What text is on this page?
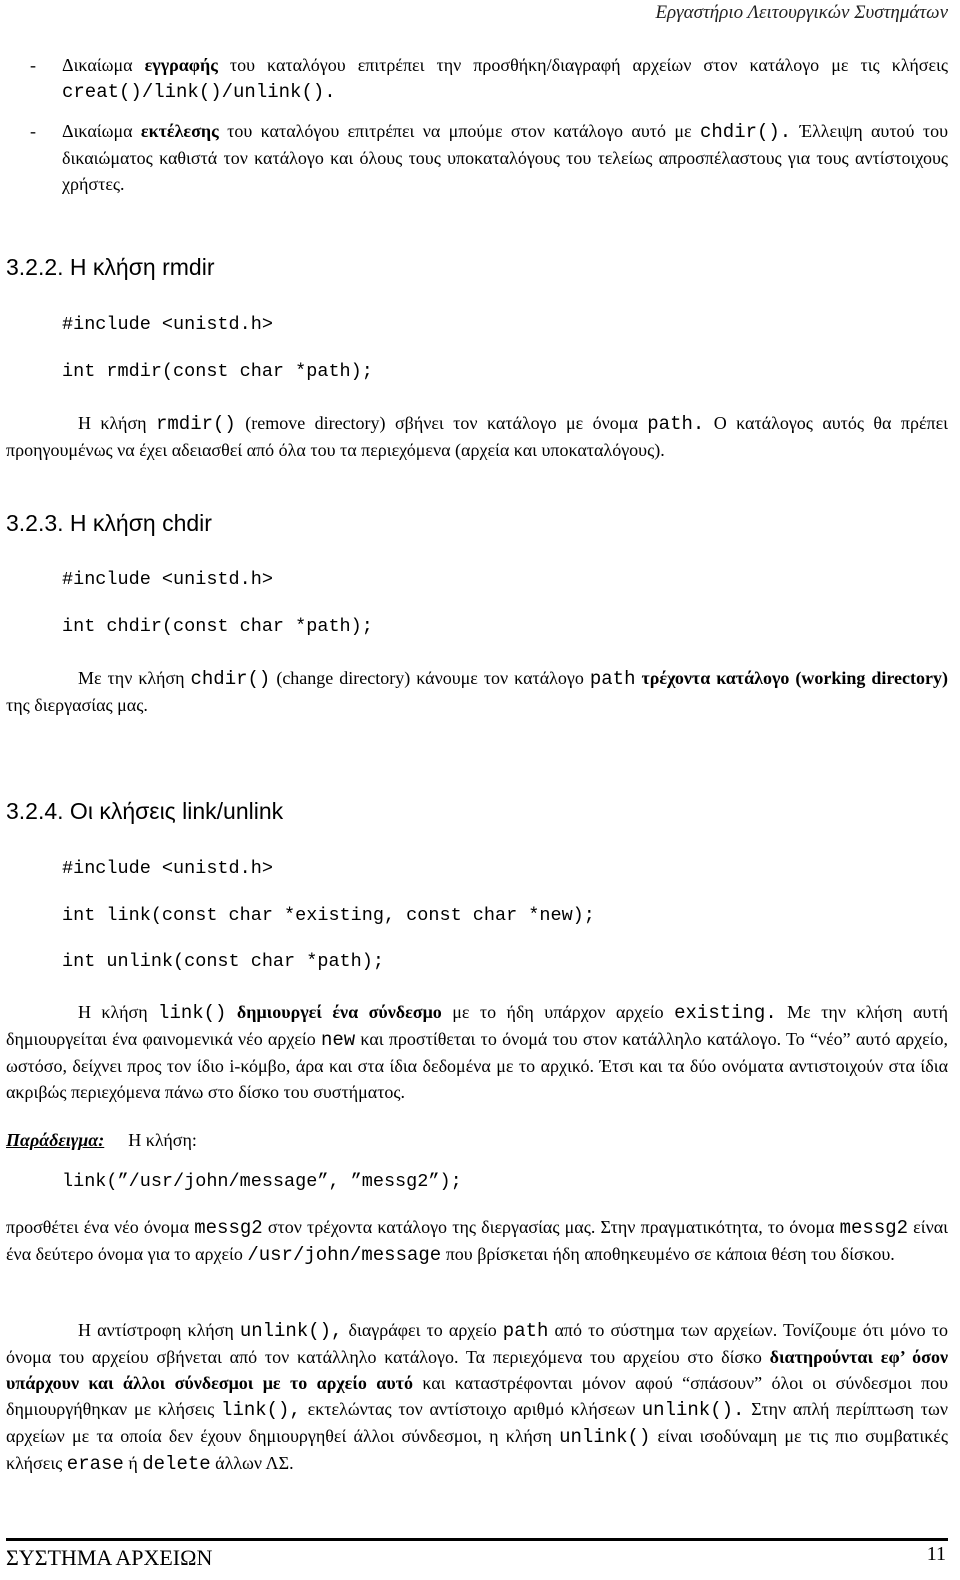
Εργαστήριο Λειτουργικών Συστημάτων
-	Δικαίωμα εγγραφής του καταλόγου επιτρέπει την προσθήκη/διαγραφή αρχείων στον κατάλογο με τις κλήσεις creat()/link()/unlink().
-	Δικαίωμα εκτέλεσης του καταλόγου επιτρέπει να μπούμε στον κατάλογο αυτό με chdir(). Έλλειψη αυτού του δικαιώματος καθιστά τον κατάλογο και όλους τους υποκαταλόγους του τελείως απροσπέλαστους για τους αντίστοιχους χρήστες.
3.2.2. Η κλήση rmdir
#include <unistd.h>
int rmdir(const char *path);
Η κλήση rmdir() (remove directory) σβήνει τον κατάλογο με όνομα path. Ο κατάλογος αυτός θα πρέπει προηγουμένως να έχει αδειασθεί από όλα του τα περιεχόμενα (αρχεία και υποκαταλόγους).
3.2.3. Η κλήση chdir
#include <unistd.h>
int chdir(const char *path);
Με την κλήση chdir() (change directory) κάνουμε τον κατάλογο path τρέχοντα κατάλογο (working directory) της διεργασίας μας.
3.2.4. Οι κλήσεις link/unlink
#include <unistd.h>
int link(const char *existing, const char *new);
int unlink(const char *path);
Η κλήση link() δημιουργεί ένα σύνδεσμο με το ήδη υπάρχον αρχείο existing. Με την κλήση αυτή δημιουργείται ένα φαινομενικά νέο αρχείο new και προστίθεται το όνομά του στον κατάλληλο κατάλογο. Το “νέο” αυτό αρχείο, ωστόσο, δείχνει προς τον ίδιο i-κόμβο, άρα και στα ίδια δεδομένα με το αρχικό. Έτσι και τα δύο ονόματα αντιστοιχούν στα ίδια ακριβώς περιεχόμενα πάνω στο δίσκο του συστήματος.
Παράδειγμα: Η κλήση:
link(”/usr/john/message”, ”messg2”);
προσθέτει ένα νέο όνομα messg2 στον τρέχοντα κατάλογο της διεργασίας μας. Στην πραγματικότητα, το όνομα messg2 είναι ένα δεύτερο όνομα για το αρχείο /usr/john/message που βρίσκεται ήδη αποθηκευμένο σε κάποια θέση του δίσκου.
Η αντίστροφη κλήση unlink(), διαγράφει το αρχείο path από το σύστημα των αρχείων. Τονίζουμε ότι μόνο το όνομα του αρχείου σβήνεται από τον κατάλληλο κατάλογο. Τα περιεχόμενα του αρχείου στο δίσκο διατηρούνται εφ’ όσον υπάρχουν και άλλοι σύνδεσμοι με το αρχείο αυτό και καταστρέφονται μόνον αφού “σπάσουν” όλοι οι σύνδεσμοι που δημιουργήθηκαν με κλήσεις link(), εκτελώντας τον αντίστοιχο αριθμό κλήσεων unlink(). Στην απλή περίπτωση των αρχείων με τα οποία δεν έχουν δημιουργηθεί άλλοι σύνδεσμοι, η κλήση unlink() είναι ισοδύναμη με τις πιο συμβατικές κλήσεις erase ή delete άλλων ΛΣ.
ΣΥΣΤΗΜΑ ΑΡΧΕΙΩΝ	11
